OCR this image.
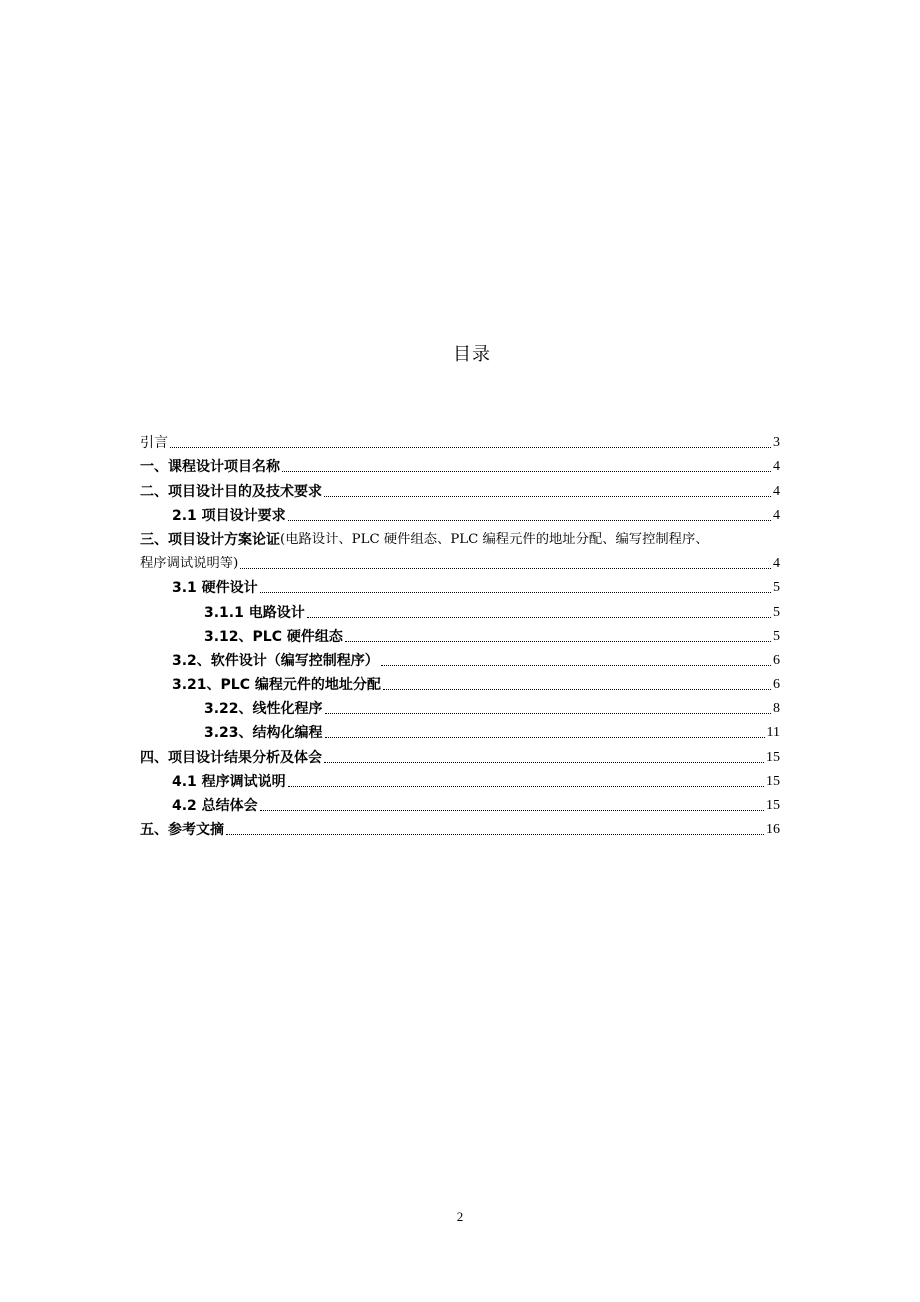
目录
引言	3
一、课程设计项目名称	4
二、项目设计目的及技术要求	4
2.1 项目设计要求	4
三、项目设计方案论证 (电路设计、PLC 硬件组态、PLC 编程元件的地址分配、编写控制程序、
程序调试说明等)	4
3.1 硬件设计	5
3.1.1 电路设计	5
3.12、PLC 硬件组态	5
3.2、软件设计（编写控制程序）	6
3.21、PLC 编程元件的地址分配	6
3.22、线性化程序	8
3.23、结构化编程	11
四、项目设计结果分析及体会	15
4.1 程序调试说明	15
4.2 总结体会	15
五、参考文摘	16
2
